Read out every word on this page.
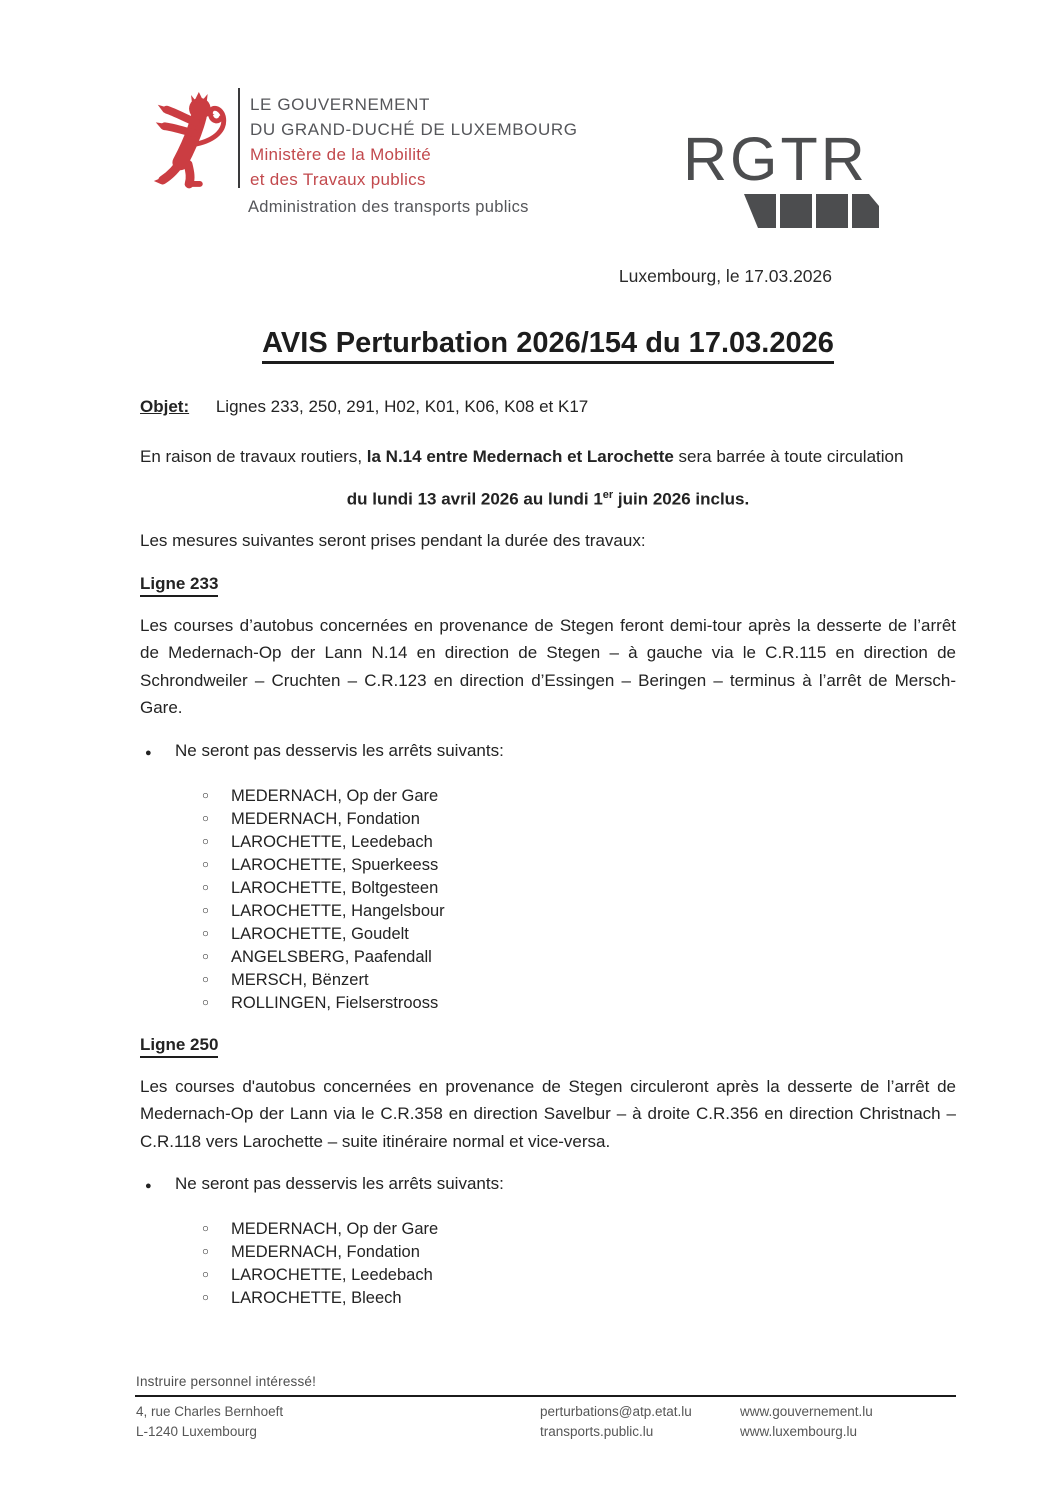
LE GOUVERNEMENT
DU GRAND-DUCHÉ DE LUXEMBOURG
Ministère de la Mobilité
et des Travaux publics
Administration des transports publics
RGTR
Luxembourg, le 17.03.2026
AVIS Perturbation 2026/154 du 17.03.2026
Objet: Lignes 233, 250, 291, H02, K01, K06, K08 et K17
En raison de travaux routiers, la N.14 entre Medernach et Larochette sera barrée à toute circulation
du lundi 13 avril 2026 au lundi 1er juin 2026 inclus.
Les mesures suivantes seront prises pendant la durée des travaux:
Ligne 233
Les courses d’autobus concernées en provenance de Stegen feront demi-tour après la desserte de l’arrêt de Medernach-Op der Lann N.14 en direction de Stegen – à gauche via le C.R.115 en direction de Schrondweiler – Cruchten – C.R.123 en direction d’Essingen – Beringen – terminus à l’arrêt de Mersch-Gare.
●	Ne seront pas desservis les arrêts suivants:
○	MEDERNACH, Op der Gare
○	MEDERNACH, Fondation
○	LAROCHETTE, Leedebach
○	LAROCHETTE, Spuerkeess
○	LAROCHETTE, Boltgesteen
○	LAROCHETTE, Hangelsbour
○	LAROCHETTE, Goudelt
○	ANGELSBERG, Paafendall
○	MERSCH, Bënzert
○	ROLLINGEN, Fielserstrooss
Ligne 250
Les courses d'autobus concernées en provenance de Stegen circuleront après la desserte de l’arrêt de Medernach-Op der Lann via le C.R.358 en direction Savelbur – à droite C.R.356 en direction Christnach – C.R.118 vers Larochette – suite itinéraire normal et vice-versa.
●	Ne seront pas desservis les arrêts suivants:
○	MEDERNACH, Op der Gare
○	MEDERNACH, Fondation
○	LAROCHETTE, Leedebach
○	LAROCHETTE, Bleech
Instruire personnel intéressé!
4, rue Charles Bernhoeft
L-1240 Luxembourg
perturbations@atp.etat.lu
transports.public.lu
www.gouvernement.lu
www.luxembourg.lu
